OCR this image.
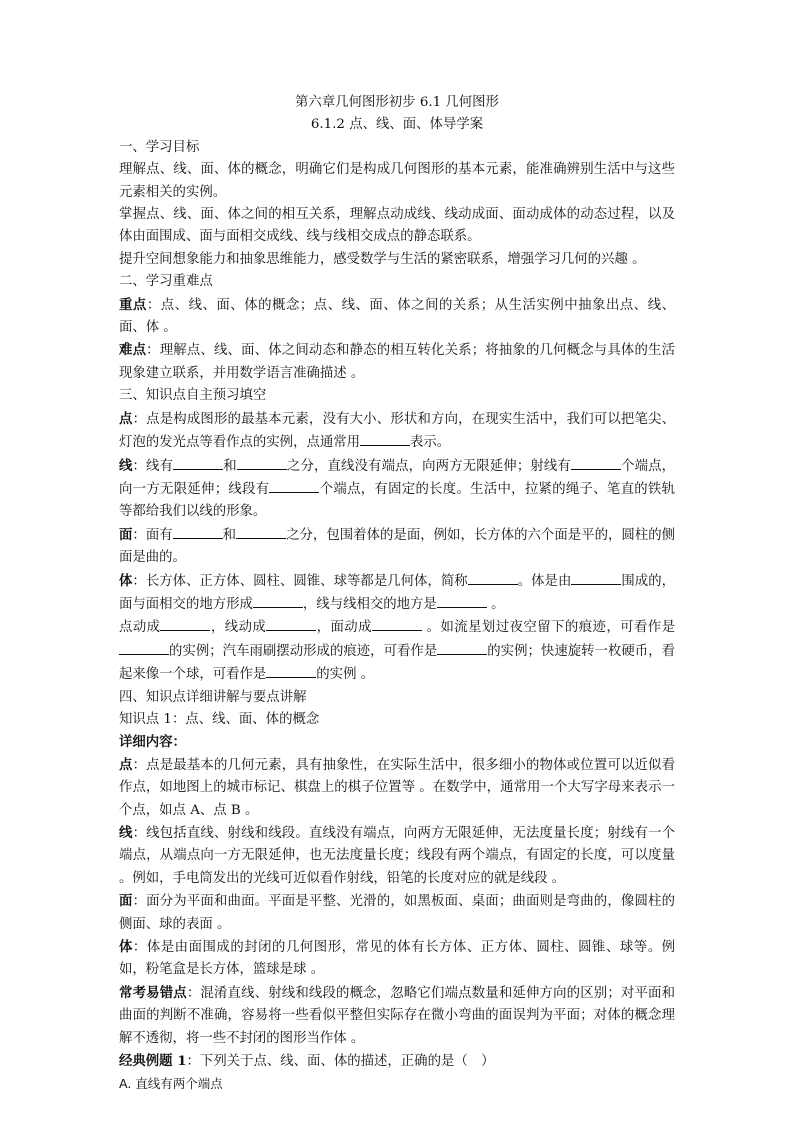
第六章几何图形初步 6.1 几何图形

6.1.2 点、线、面、体导学案

一、学习目标

理解点、线、面、体的概念，明确它们是构成几何图形的基本元素，能准确辨别生活中与这些元素相关的实例。

掌握点、线、面、体之间的相互关系，理解点动成线、线动成面、面动成体的动态过程，以及体由面围成、面与面相交成线、线与线相交成点的静态联系。

提升空间想象能力和抽象思维能力，感受数学与生活的紧密联系，增强学习几何的兴趣 。

二、学习重难点

重点：点、线、面、体的概念；点、线、面、体之间的关系；从生活实例中抽象出点、线、面、体 。

难点：理解点、线、面、体之间动态和静态的相互转化关系；将抽象的几何概念与具体的生活现象建立联系，并用数学语言准确描述 。

三、知识点自主预习填空

点：点是构成图形的最基本元素，没有大小、形状和方向，在现实生活中，我们可以把笔尖、灯泡的发光点等看作点的实例，点通常用	表示。

线：线有	和	之分，直线没有端点，向两方无限延伸；射线有	个端点，向一方无限延伸；线段有	个端点，有固定的长度。生活中，拉紧的绳子、笔直的铁轨等都给我们以线的形象。

面：面有	和	之分，包围着体的是面，例如，长方体的六个面是平的，圆柱的侧面是曲的。

体：长方体、正方体、圆柱、圆锥、球等都是几何体，简称	。体是由	围成的，面与面相交的地方形成	，线与线相交的地方是	。

点动成	，线动成	，面动成	。如流星划过夜空留下的痕迹，可看作是的实例；汽车雨刷摆动形成的痕迹，可看作是	的实例；快速旋转一枚硬币，看起来像一个球，可看作是	的实例 。

四、知识点详细讲解与要点讲解

知识点 1：点、线、面、体的概念

详细内容：

点：点是最基本的几何元素，具有抽象性，在实际生活中，很多细小的物体或位置可以近似看作点，如地图上的城市标记、棋盘上的棋子位置等 。在数学中，通常用一个大写字母来表示一个点，如点 A、点 B 。

线：线包括直线、射线和线段。直线没有端点，向两方无限延伸，无法度量长度；射线有一个端点，从端点向一方无限延伸，也无法度量长度；线段有两个端点，有固定的长度，可以度量 。例如，手电筒发出的光线可近似看作射线，铅笔的长度对应的就是线段 。

面：面分为平面和曲面。平面是平整、光滑的，如黑板面、桌面；曲面则是弯曲的，像圆柱的侧面、球的表面 。

体：体是由面围成的封闭的几何图形，常见的体有长方体、正方体、圆柱、圆锥、球等。例如，粉笔盒是长方体，篮球是球 。

常考易错点：混淆直线、射线和线段的概念，忽略它们端点数量和延伸方向的区别；对平面和曲面的判断不准确，容易将一些看似平整但实际存在微小弯曲的面误判为平面；对体的概念理解不透彻，将一些不封闭的图形当作体 。

经典例题 1：下列关于点、线、面、体的描述，正确的是（　）

A. 直线有两个端点
